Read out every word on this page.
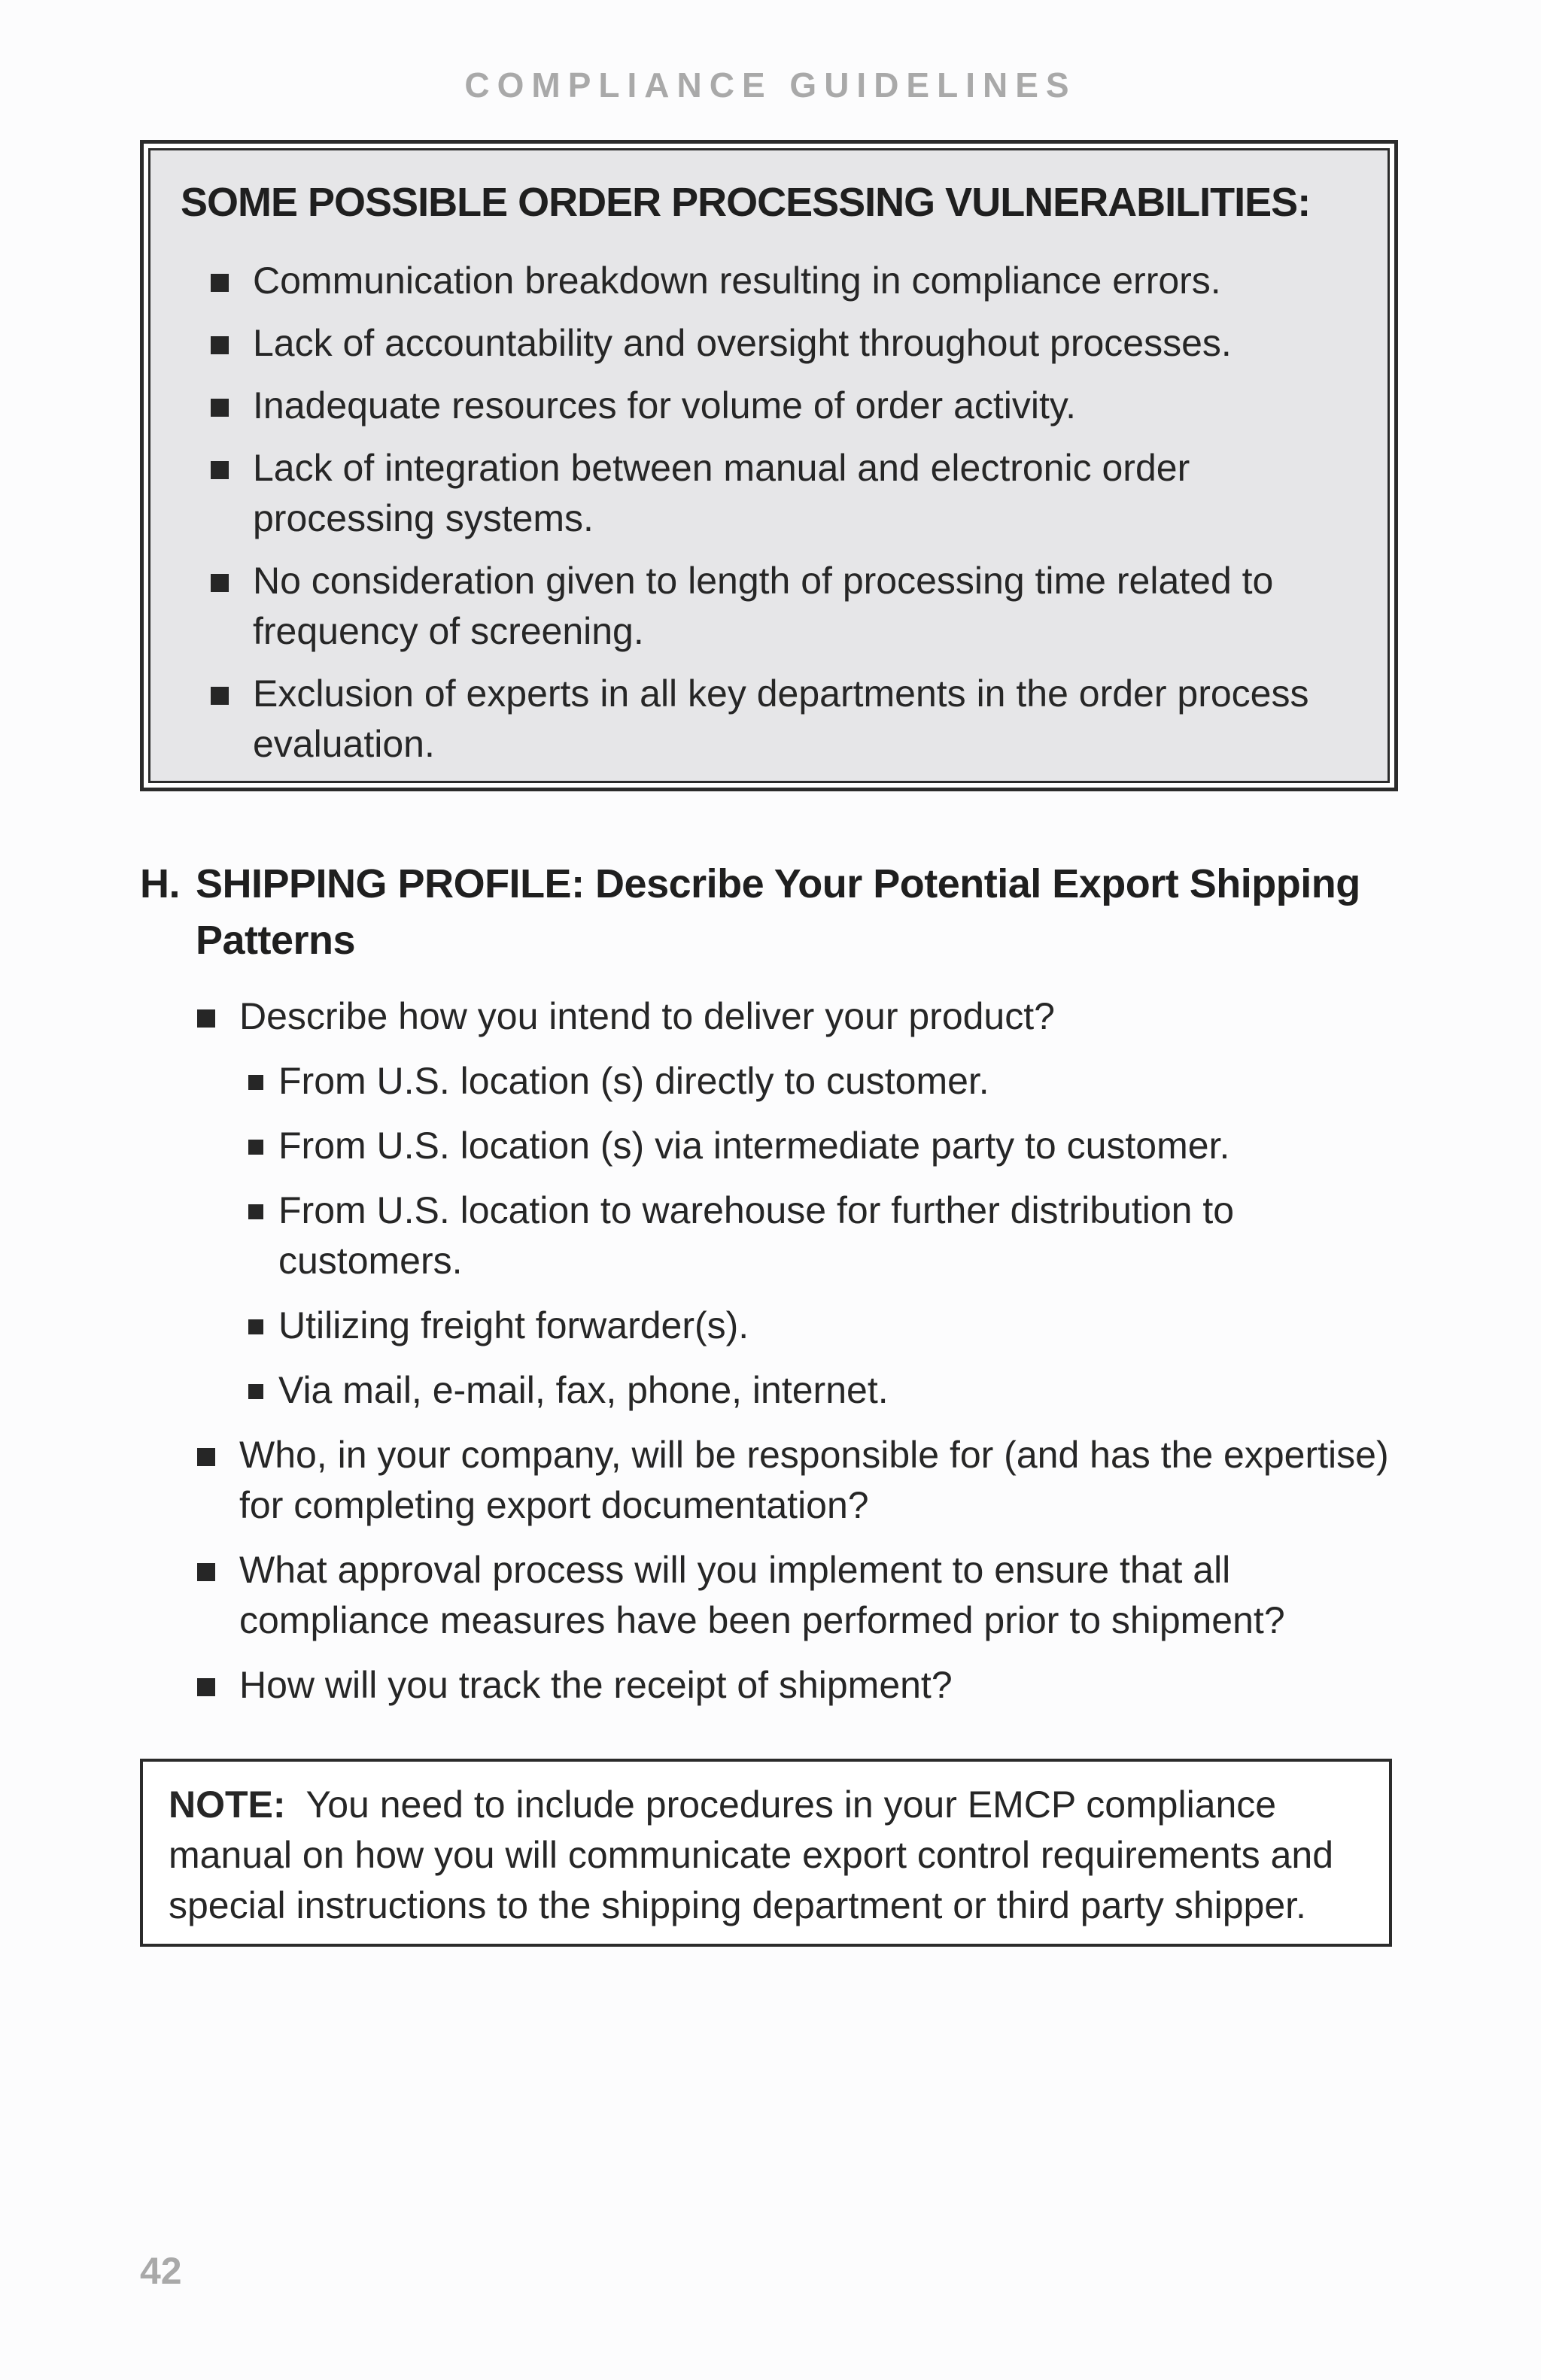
COMPLIANCE GUIDELINES
SOME POSSIBLE ORDER PROCESSING VULNERABILITIES:
Communication breakdown resulting in compliance errors.
Lack of accountability and oversight throughout processes.
Inadequate resources for volume of order activity.
Lack of integration between manual and electronic order processing systems.
No consideration given to length of processing time related to frequency of screening.
Exclusion of experts in all key departments in the order process evaluation.
H. SHIPPING PROFILE: Describe Your Potential Export Shipping Patterns
Describe how you intend to deliver your product?
From U.S. location (s) directly to customer.
From U.S. location (s) via intermediate party to customer.
From U.S. location to warehouse for further distribution to customers.
Utilizing freight forwarder(s).
Via mail, e-mail, fax, phone, internet.
Who, in your company, will be responsible for (and has the expertise) for completing export documentation?
What approval process will you implement to ensure that all compliance measures have been performed prior to shipment?
How will you track the receipt of shipment?
NOTE: You need to include procedures in your EMCP compliance manual on how you will communicate export control requirements and special instructions to the shipping department or third party shipper.
42
